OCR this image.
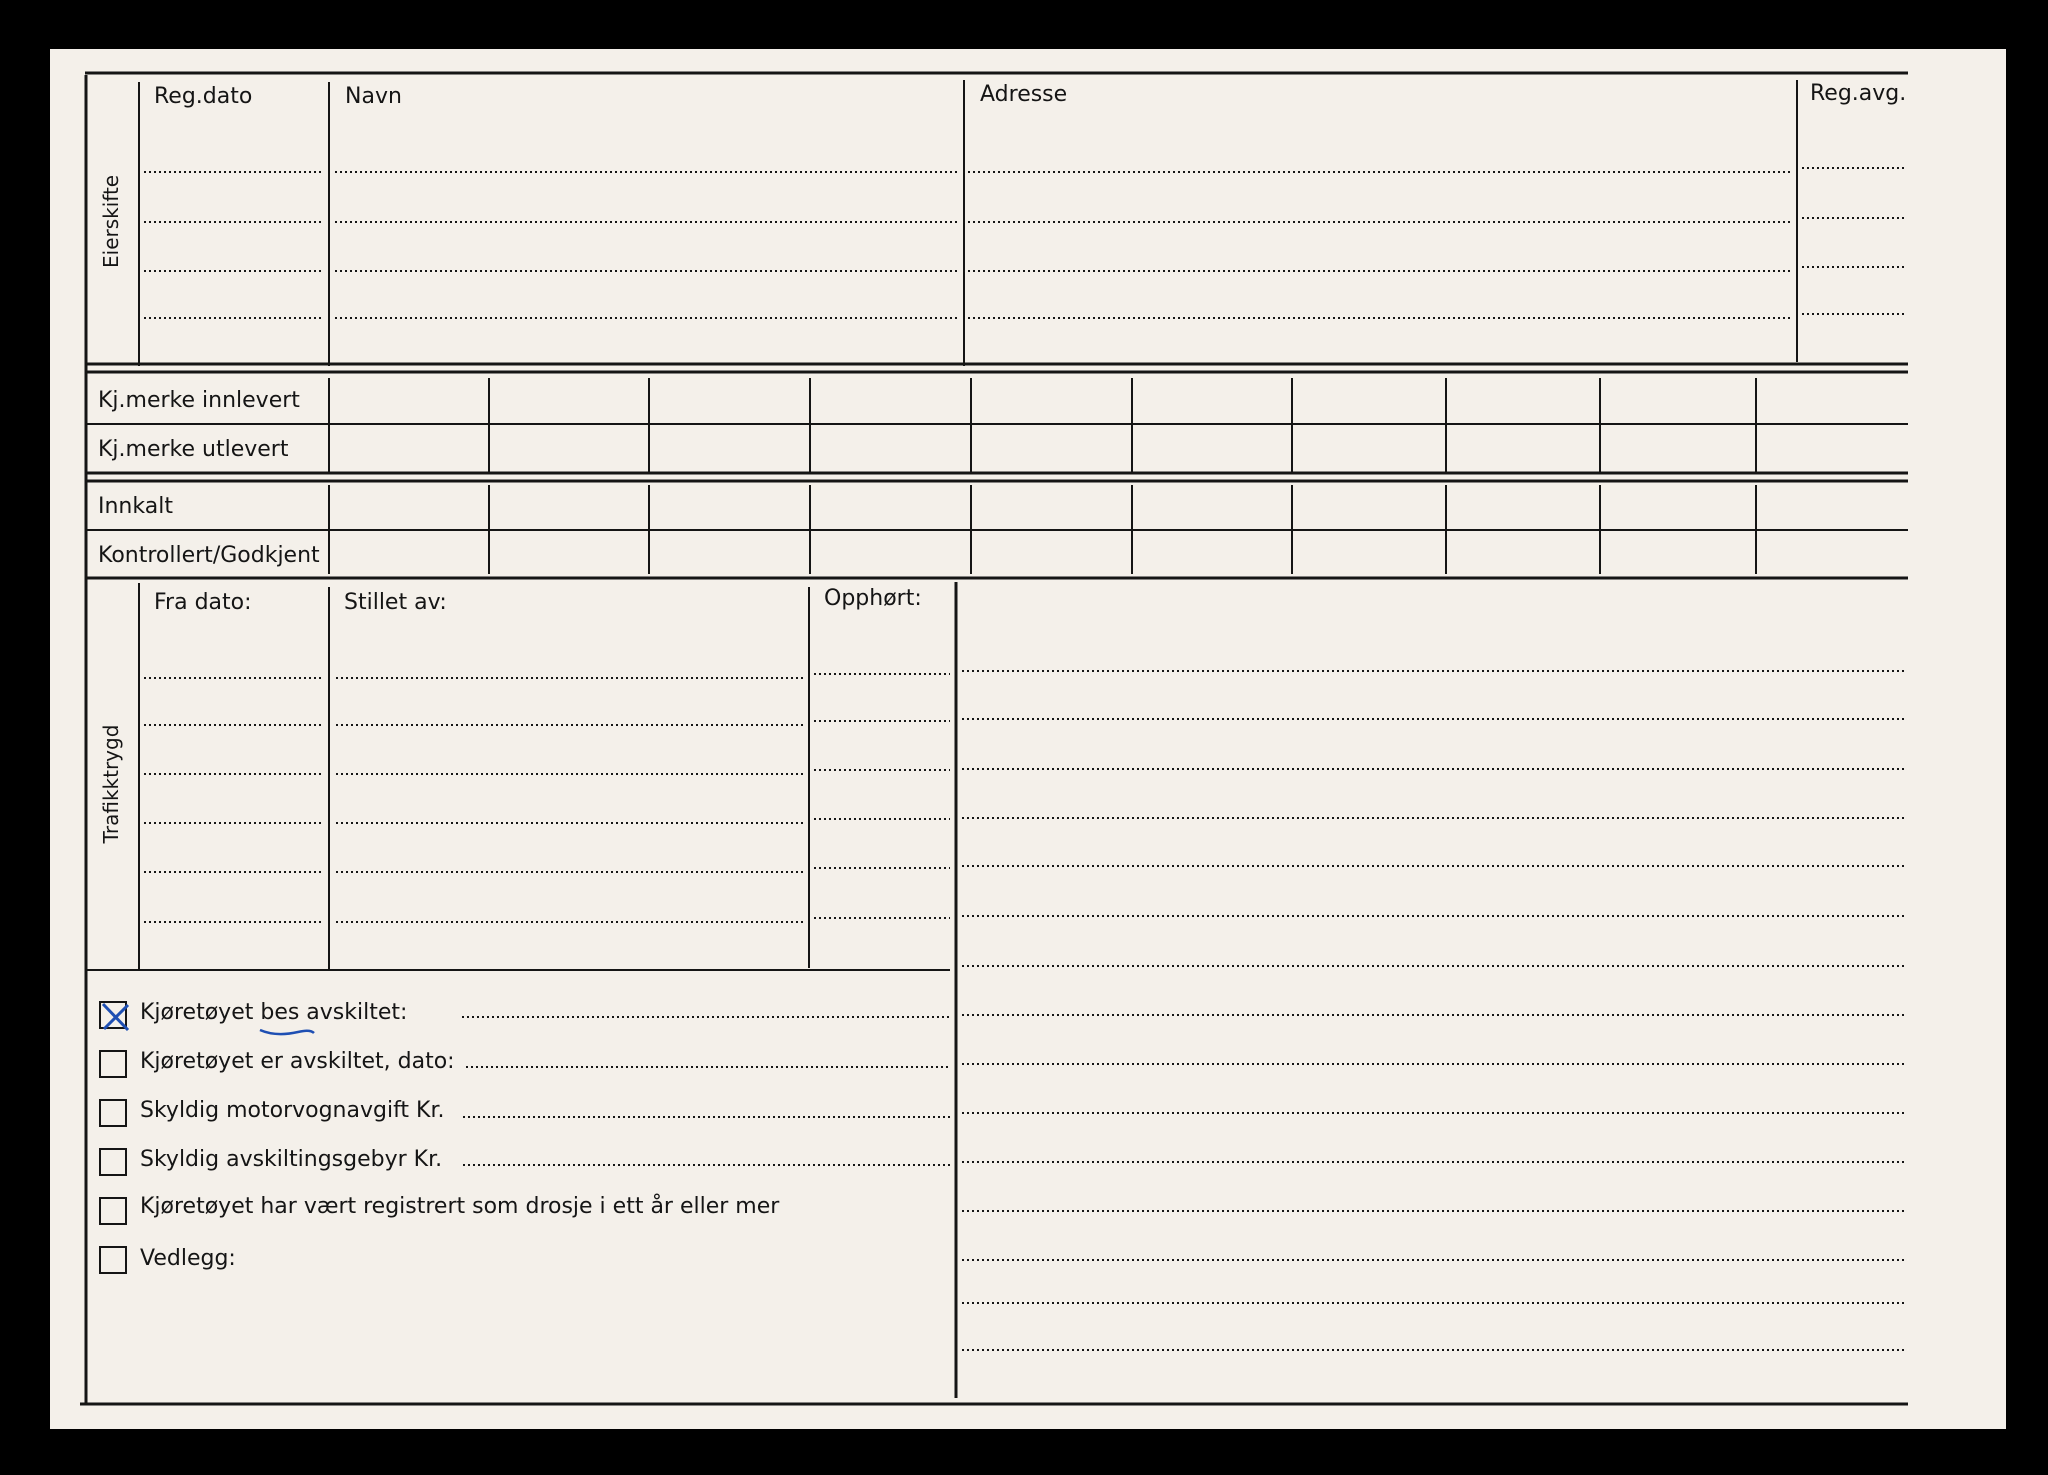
Eierskifte
Reg.dato	Navn	Adresse	Reg.avg.
Kj.merke innlevert
Kj.merke utlevert
Innkalt
Kontrollert/Godkjent
Trafikktrygd
Fra dato:	Stillet av:	Opphørt:
Kjøretøyet bes avskiltet:
Kjøretøyet er avskiltet, dato:
Skyldig motorvognavgift Kr.
Skyldig avskiltingsgebyr Kr.
Kjøretøyet har vært registrert som drosje i ett år eller mer
Vedlegg:
